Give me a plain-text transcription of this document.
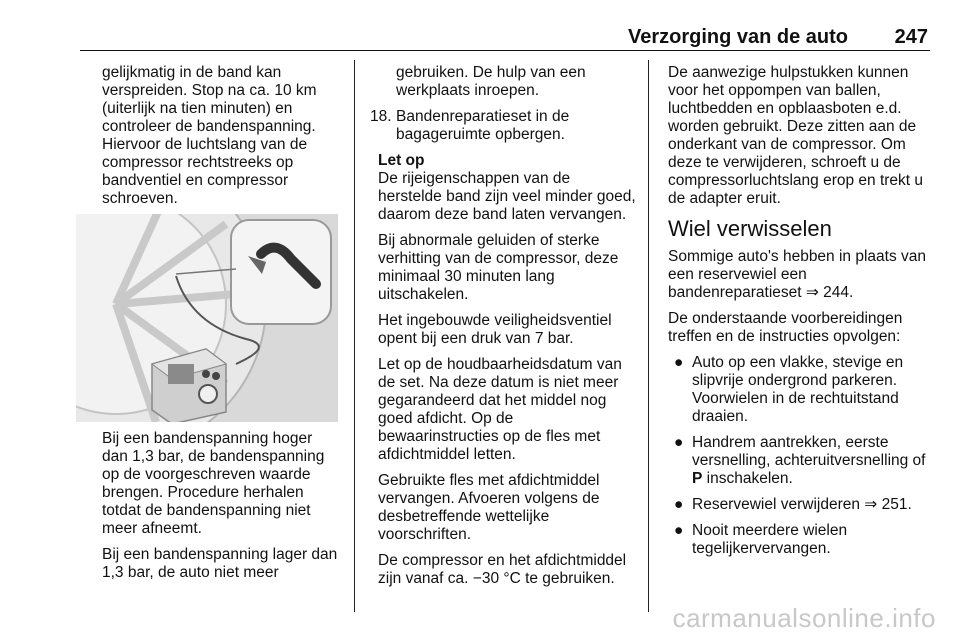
Verzorging van de auto 247

gelijkmatig in de band kan verspreiden. Stop na ca. 10 km (uiterlijk na tien minuten) en controleer de bandenspanning. Hiervoor de luchtslang van de compressor rechtstreeks op bandventiel en compressor schroeven.

Bij een bandenspanning hoger dan 1,3 bar, de bandenspanning op de voorgeschreven waarde brengen. Procedure herhalen totdat de bandenspanning niet meer afneemt.

Bij een bandenspanning lager dan 1,3 bar, de auto niet meer

gebruiken. De hulp van een werkplaats inroepen.
18. Bandenreparatieset in de bagageruimte opbergen.
Let op

De rijeigenschappen van de herstelde band zijn veel minder goed, daarom deze band laten vervangen.

Bij abnormale geluiden of sterke verhitting van de compressor, deze minimaal 30 minuten lang uitschakelen.

Het ingebouwde veiligheidsventiel opent bij een druk van 7 bar.

Let op de houdbaarheidsdatum van de set. Na deze datum is niet meer gegarandeerd dat het middel nog goed afdicht. Op de bewaarinstructies op de fles met afdichtmiddel letten.

Gebruikte fles met afdichtmiddel vervangen. Afvoeren volgens de desbetreffende wettelijke voorschriften.

De compressor en het afdichtmiddel zijn vanaf ca. −30 °C te gebruiken.

De aanwezige hulpstukken kunnen voor het oppompen van ballen, luchtbedden en opblaasboten e.d. worden gebruikt. Deze zitten aan de onderkant van de compressor. Om deze te verwijderen, schroeft u de compressorluchtslang erop en trekt u de adapter eruit.

Wiel verwisselen

Sommige auto's hebben in plaats van een reservewiel een bandenreparatieset ⇒ 244.

De onderstaande voorbereidingen treffen en de instructies opvolgen:

● Auto op een vlakke, stevige en slipvrije ondergrond parkeren. Voorwielen in de rechtuitstand draaien.
● Handrem aantrekken, eerste versnelling, achteruitversnelling of P inschakelen.
● Reservewiel verwijderen ⇒ 251.
● Nooit meerdere wielen tegelijkervervangen.
carmanualsonline.info
